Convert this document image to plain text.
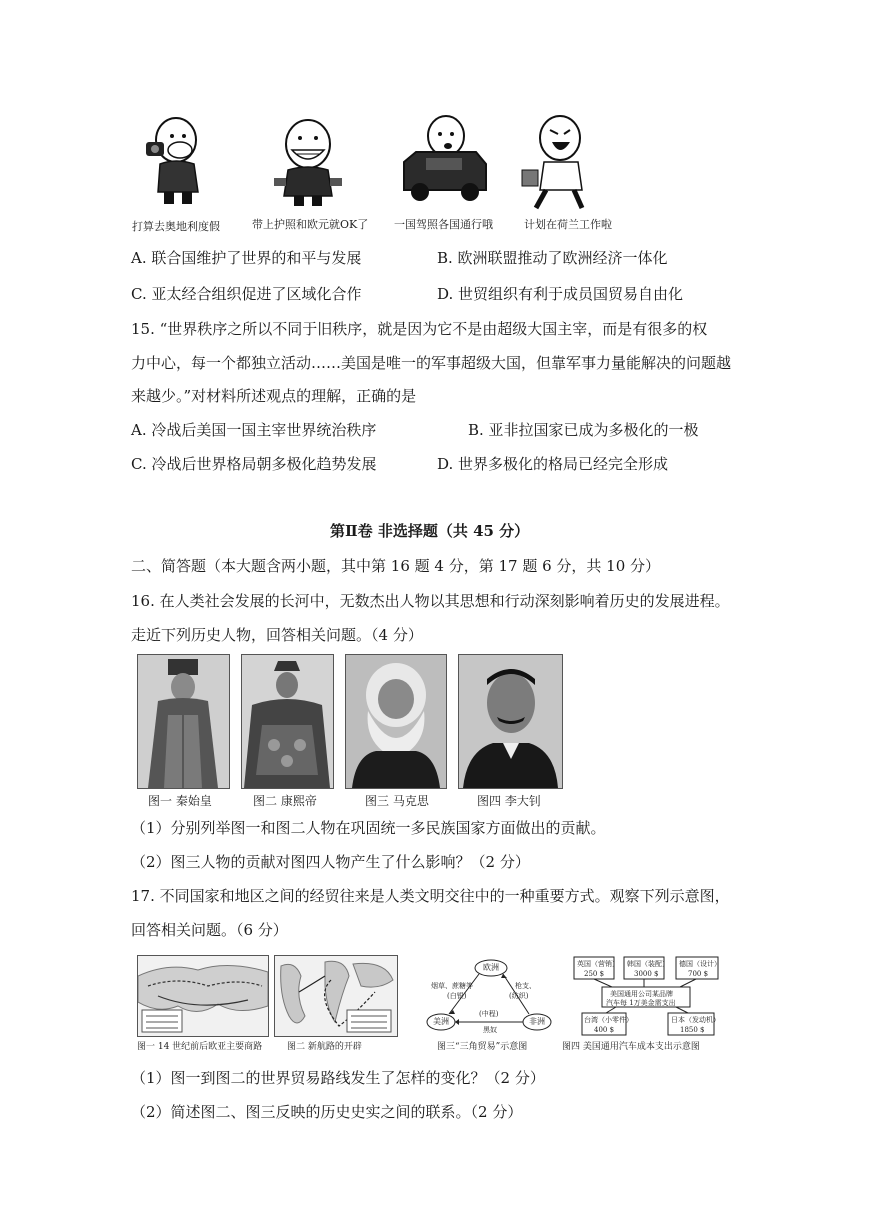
打算去奥地利度假	带上护照和欧元就OK了 一国驾照各国通行哦	计划在荷兰工作啦
A. 联合国维护了世界的和平与发展	B. 欧洲联盟推动了欧洲经济一体化
C. 亚太经合组织促进了区域化合作	D. 世贸组织有利于成员国贸易自由化
15. “世界秩序之所以不同于旧秩序，就是因为它不是由超级大国主宰，而是有很多的权
力中心，每一个都独立活动……美国是唯一的军事超级大国，但靠军事力量能解决的问题越
来越少。”对材料所述观点的理解，正确的是
A. 冷战后美国一国主宰世界统治秩序	B. 亚非拉国家已成为多极化的一极
C. 冷战后世界格局朝多极化趋势发展	D. 世界多极化的格局已经完全形成
第Ⅱ卷 非选择题（共 45 分）
二、简答题（本大题含两小题，其中第 16 题 4 分，第 17 题 6 分，共 10 分）
16. 在人类社会发展的长河中，无数杰出人物以其思想和行动深刻影响着历史的发展进程。
走近下列历史人物，回答相关问题。（4 分）
图一 秦始皇	图二 康熙帝	图三 马克思	图四 李大钊
（1）分别列举图一和图二人物在巩固统一多民族国家方面做出的贡献。
（2）图三人物的贡献对图四人物产生了什么影响？（2 分）
17. 不同国家和地区之间的经贸往来是人类文明交往中的一种重要方式。观察下列示意图，
回答相关问题。（6 分）
欧洲
美洲	非洲
烟草、蔗糖等
(白银)
枪支、
(纺织)
(中程)
黑奴
英国（营销）
250 $
韩国（装配）
3000 $
德国（设计）
700 $
美国通用公司某品牌
汽车每 1万美金需支出
台湾（小零件）
400 $
日本（发动机）
1850 $
图一 14 世纪前后欧亚主要商路	图二 新航路的开辟	图三“三角贸易”示意图	图四 美国通用汽车成本支出示意图
（1）图一到图二的世界贸易路线发生了怎样的变化？（2 分）
（2）简述图二、图三反映的历史史实之间的联系。（2 分）
